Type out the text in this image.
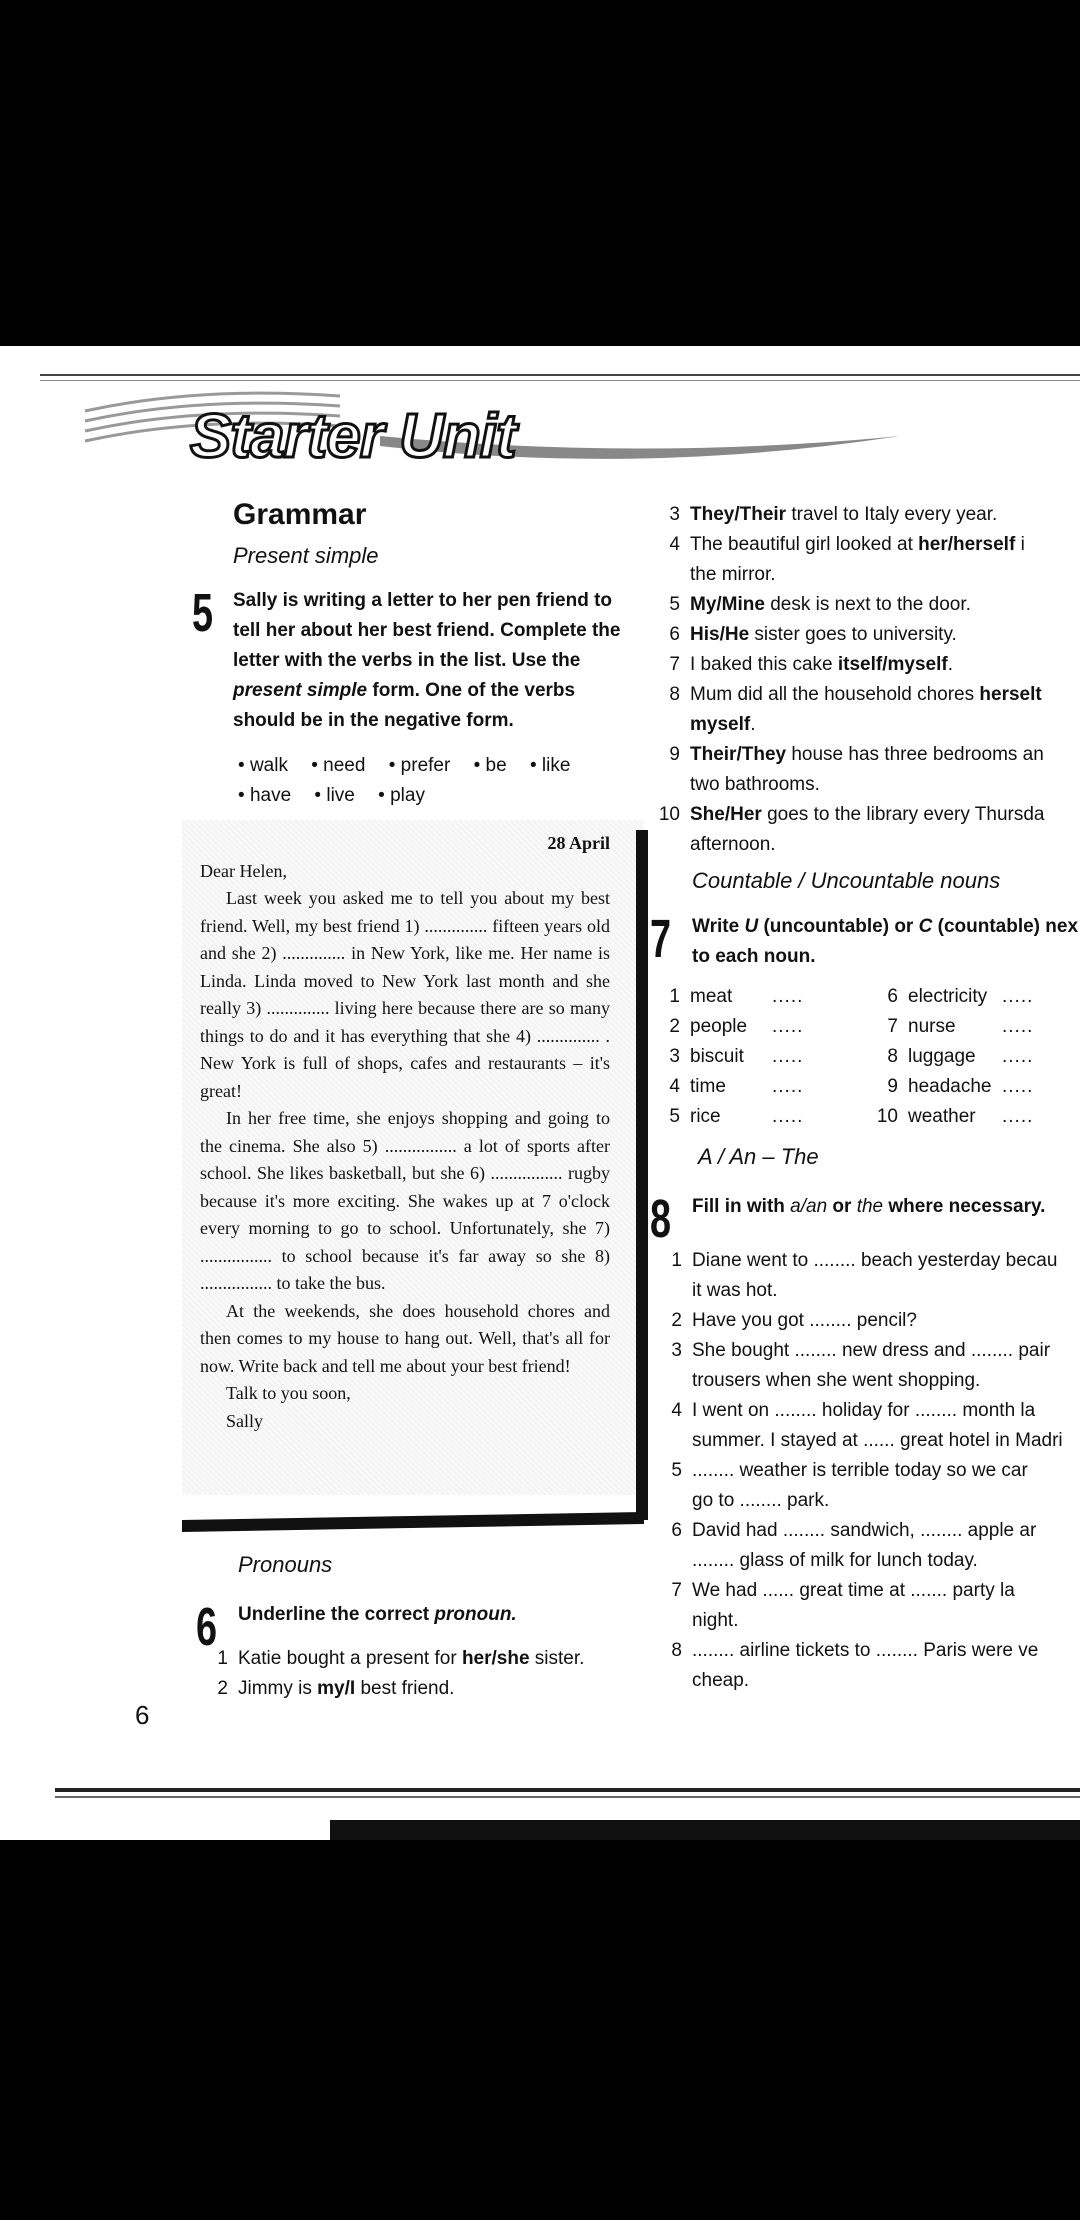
Starter Unit
Grammar
Present simple
5 Sally is writing a letter to her pen friend to
tell her about her best friend. Complete the
letter with the verbs in the list. Use the
present simple form. One of the verbs
should be in the negative form.
• walk • need • prefer • be • like
• have • live • play
28 April

Dear Helen,

Last week you asked me to tell you about my best friend. Well, my best friend 1) .............. fifteen years old and she 2) .............. in New York, like me. Her name is Linda. Linda moved to New York last month and she really 3) .............. living here because there are so many things to do and it has everything that she 4) .............. . New York is full of shops, cafes and restaurants – it's great!

In her free time, she enjoys shopping and going to the cinema. She also 5) ................ a lot of sports after school. She likes basketball, but she 6) ................ rugby because it's more exciting. She wakes up at 7 o'clock every morning to go to school. Unfortunately, she 7) ................ to school because it's far away so she 8) ................ to take the bus.

At the weekends, she does household chores and then comes to my house to hang out. Well, that's all for now. Write back and tell me about your best friend!

Talk to you soon,
Sally
Pronouns
6 Underline the correct pronoun.
1 Katie bought a present for her/she sister.
2 Jimmy is my/I best friend.
3 They/Their travel to Italy every year.
4 The beautiful girl looked at her/herself i
the mirror.
5 My/Mine desk is next to the door.
6 His/He sister goes to university.
7 I baked this cake itself/myself.
8 Mum did all the household chores herselt
myself.
9 Their/They house has three bedrooms an
two bathrooms.
10 She/Her goes to the library every Thursda
afternoon.
Countable / Uncountable nouns
7 Write U (uncountable) or C (countable) nex
to each noun.
1 meat .....
2 people .....
3 biscuit .....
4 time .....
5 rice	.....
6 electricity .....
7 nurse .....
8 luggage .....
9 headache .....
10 weather .....
A / An – The
8 Fill in with a/an or the where necessary.
1 Diane went to ........ beach yesterday becau
it was hot.
2 Have you got ........ pencil?
3 She bought ........ new dress and ........ pair
trousers when she went shopping.
4 I went on ........ holiday for ........ month la
summer. I stayed at ...... great hotel in Madri
5 ........ weather is terrible today so we car
go to ........ park.
6 David had ........ sandwich, ........ apple ar
........ glass of milk for lunch today.
7 We had ...... great time at ....... party la
night.
8 ........ airline tickets to ........ Paris were ve
cheap.
6
